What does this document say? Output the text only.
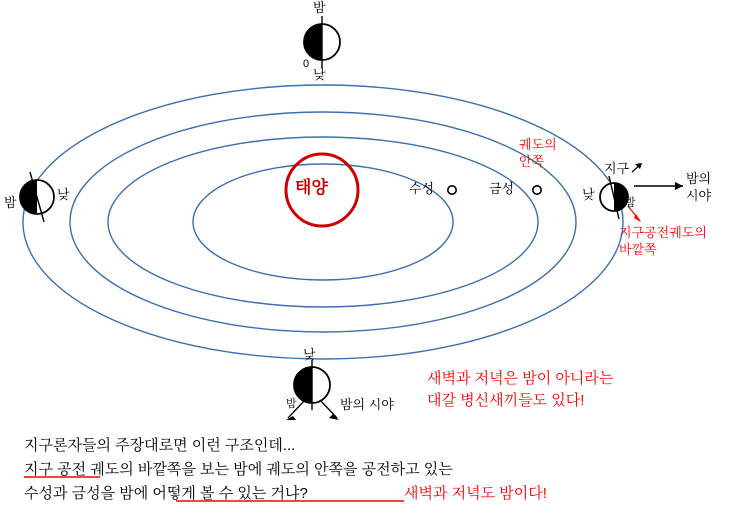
태양	수성	금성
궤도의
안쪽
밤
0
낮
밤
낮
지구
낮
밤
밤의
시야
지구공전궤도의
바깥쪽
낮
밤	밤의 시야
새벽과 저녁은 밤이 아니라는
대갈 병신새끼들도 있다!
지구론자들의 주장대로면 이런 구조인데...
지구 공전 궤도의 바깥쪽을 보는 밤에 궤도의 안쪽을 공전하고 있는
수성과 금성을 밤에 어떻게 볼 수 있는 거냐?	새벽과 저녁도 밤이다!
